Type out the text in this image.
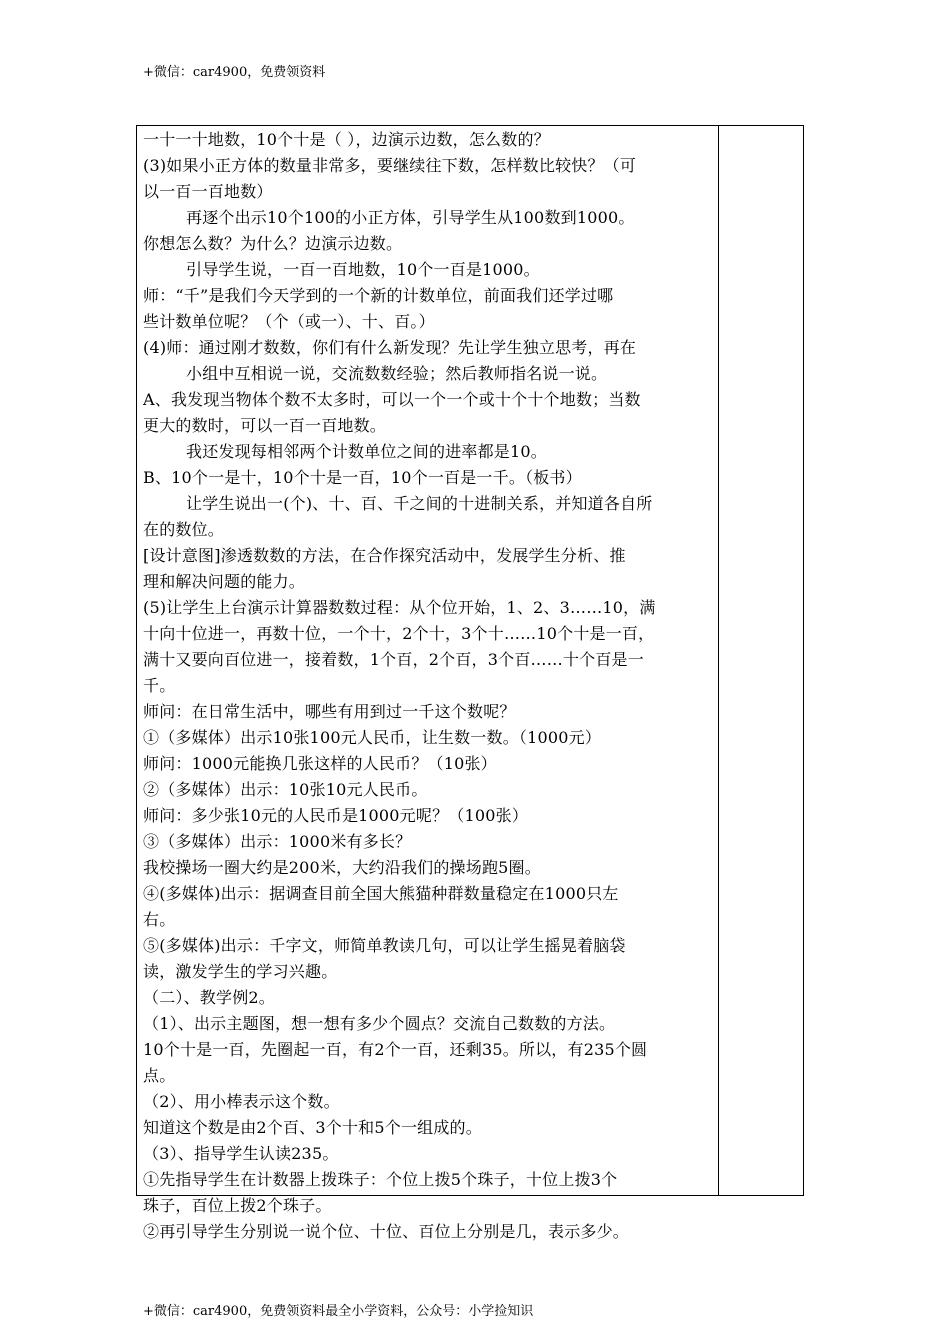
+微信：car4900，免费领资料

一十一十地数，10个十是（ ），边演示边数，怎么数的？

(3)如果小正方体的数量非常多，要继续往下数，怎样数比较快？（可

以一百一百地数）

再逐个出示10个100的小正方体，引导学生从100数到1000。

你想怎么数？为什么？边演示边数。

引导学生说，一百一百地数，10个一百是1000。

师：“千”是我们今天学到的一个新的计数单位，前面我们还学过哪

些计数单位呢？（个（或一）、十、百。）

(4)师：通过刚才数数，你们有什么新发现？先让学生独立思考，再在

小组中互相说一说，交流数数经验；然后教师指名说一说。

A、我发现当物体个数不太多时，可以一个一个或十个十个地数；当数

更大的数时，可以一百一百地数。

我还发现每相邻两个计数单位之间的进率都是10。

B、10个一是十，10个十是一百，10个一百是一千。（板书）

让学生说出一(个)、十、百、千之间的十进制关系，并知道各自所

在的数位。

[设计意图]渗透数数的方法，在合作探究活动中，发展学生分析、推

理和解决问题的能力。

(5)让学生上台演示计算器数数过程：从个位开始，1、2、3……10，满

十向十位进一，再数十位，一个十，2个十，3个十……10个十是一百，

满十又要向百位进一，接着数，1个百，2个百，3个百……十个百是一

千。

师问：在日常生活中，哪些有用到过一千这个数呢？

①（多媒体）出示10张100元人民币，让生数一数。（1000元）

师问：1000元能换几张这样的人民币？（10张）

②（多媒体）出示：10张10元人民币。

师问：多少张10元的人民币是1000元呢？（100张）

③（多媒体）出示：1000米有多长？

我校操场一圈大约是200米，大约沿我们的操场跑5圈。

④(多媒体)出示：据调查目前全国大熊猫种群数量稳定在1000只左

右。

⑤(多媒体)出示：千字文，师简单教读几句，可以让学生摇晃着脑袋

读，激发学生的学习兴趣。

（二）、教学例2。

（1）、出示主题图，想一想有多少个圆点？交流自己数数的方法。

10个十是一百，先圈起一百，有2个一百，还剩35。所以，有235个圆

点。

（2）、用小棒表示这个数。

知道这个数是由2个百、3个十和5个一组成的。

（3）、指导学生认读235。

①先指导学生在计数器上拨珠子：个位上拨5个珠子，十位上拨3个

珠子，百位上拨2个珠子。

②再引导学生分别说一说个位、十位、百位上分别是几，表示多少。

+微信：car4900，免费领资料最全小学资料，公众号：小学捡知识
